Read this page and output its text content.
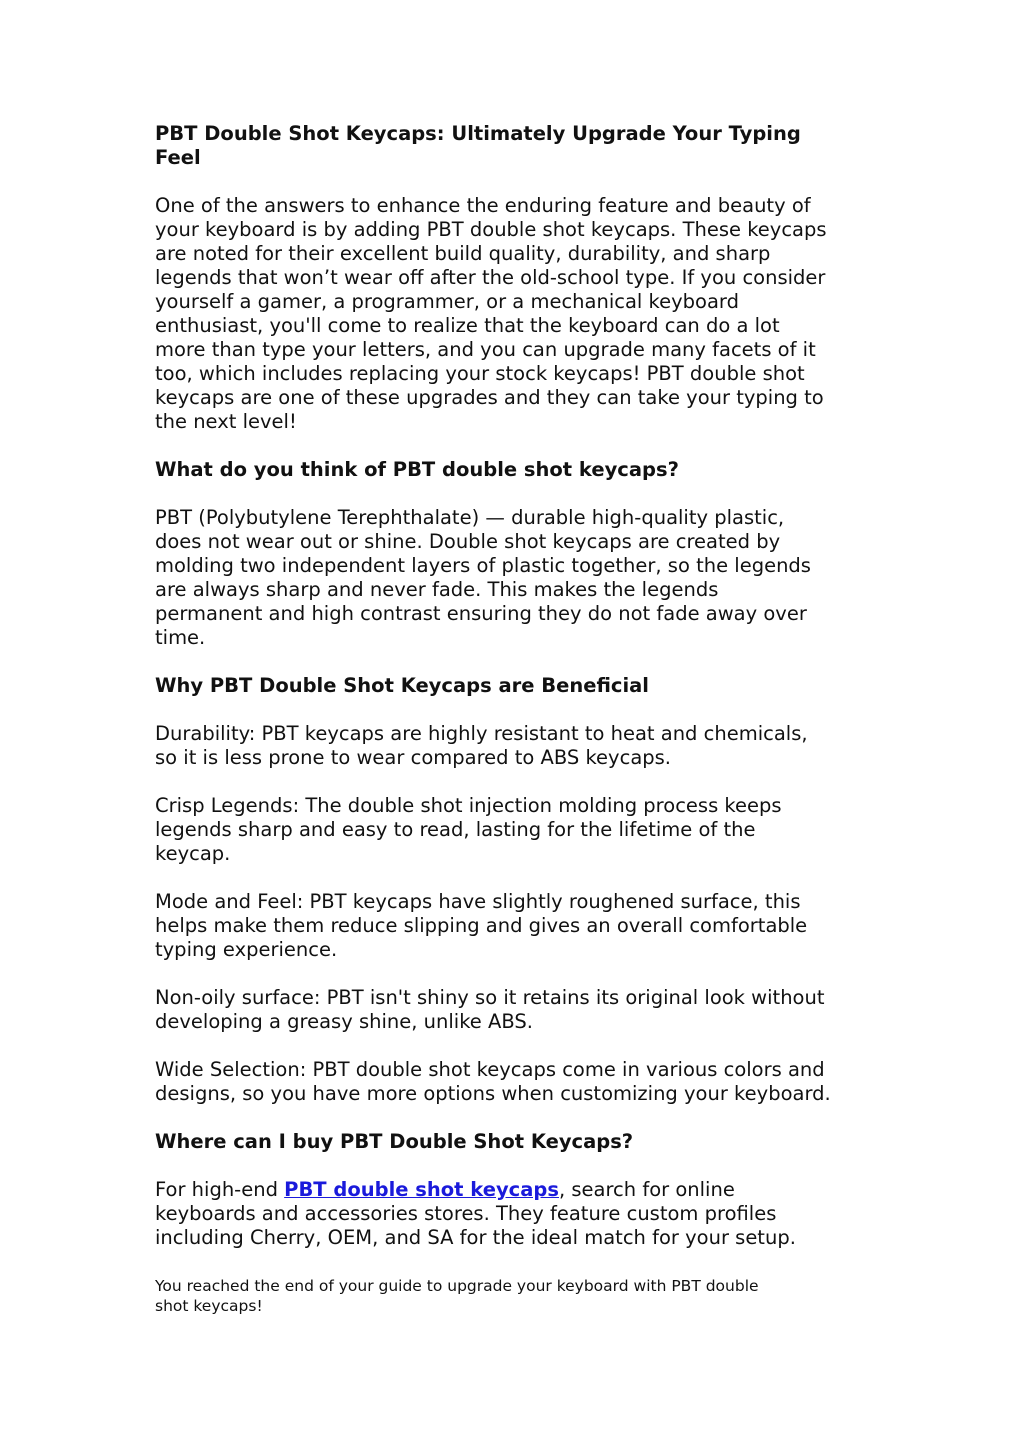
PBT Double Shot Keycaps: Ultimately Upgrade Your Typing
Feel

One of the answers to enhance the enduring feature and beauty of
your keyboard is by adding PBT double shot keycaps. These keycaps
are noted for their excellent build quality, durability, and sharp
legends that won’t wear off after the old-school type. If you consider
yourself a gamer, a programmer, or a mechanical keyboard
enthusiast, you'll come to realize that the keyboard can do a lot
more than type your letters, and you can upgrade many facets of it
too, which includes replacing your stock keycaps! PBT double shot
keycaps are one of these upgrades and they can take your typing to
the next level!

What do you think of PBT double shot keycaps?

PBT (Polybutylene Terephthalate) — durable high-quality plastic,
does not wear out or shine. Double shot keycaps are created by
molding two independent layers of plastic together, so the legends
are always sharp and never fade. This makes the legends
permanent and high contrast ensuring they do not fade away over
time.

Why PBT Double Shot Keycaps are Beneficial

Durability: PBT keycaps are highly resistant to heat and chemicals,
so it is less prone to wear compared to ABS keycaps.

Crisp Legends: The double shot injection molding process keeps
legends sharp and easy to read, lasting for the lifetime of the
keycap.

Mode and Feel: PBT keycaps have slightly roughened surface, this
helps make them reduce slipping and gives an overall comfortable
typing experience.

Non-oily surface: PBT isn't shiny so it retains its original look without
developing a greasy shine, unlike ABS.

Wide Selection: PBT double shot keycaps come in various colors and
designs, so you have more options when customizing your keyboard.

Where can I buy PBT Double Shot Keycaps?

For high-end PBT double shot keycaps, search for online
keyboards and accessories stores. They feature custom profiles
including Cherry, OEM, and SA for the ideal match for your setup.

You reached the end of your guide to upgrade your keyboard with PBT double
shot keycaps!
